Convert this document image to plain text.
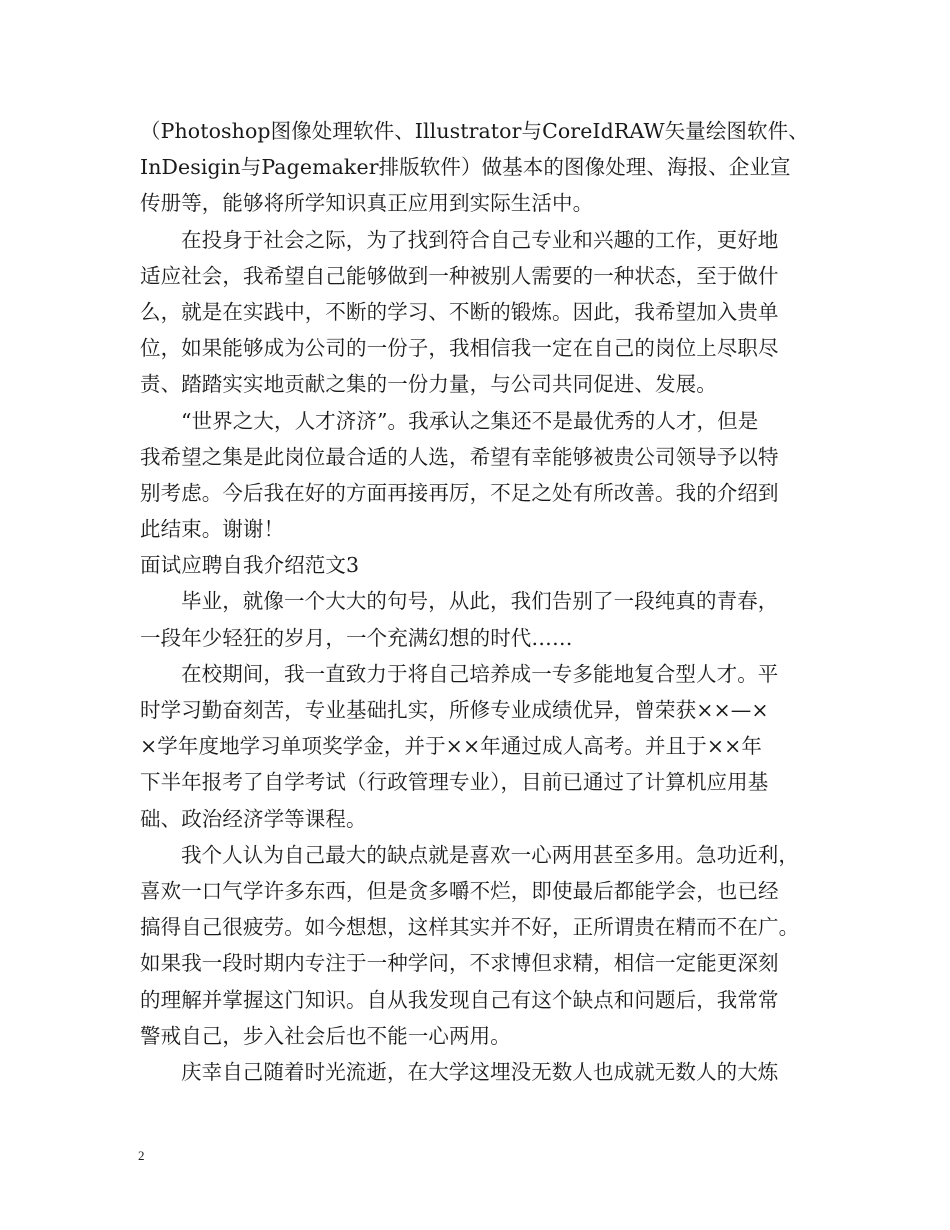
（Photoshop图像处理软件、Illustrator与CoreIdRAW矢量绘图软件、
InDesigin与Pagemaker排版软件）做基本的图像处理、海报、企业宣
传册等，能够将所学知识真正应用到实际生活中。
在投身于社会之际，为了找到符合自己专业和兴趣的工作，更好地
适应社会，我希望自己能够做到一种被别人需要的一种状态，至于做什
么，就是在实践中，不断的学习、不断的锻炼。因此，我希望加入贵单
位，如果能够成为公司的一份子，我相信我一定在自己的岗位上尽职尽
责、踏踏实实地贡献之集的一份力量，与公司共同促进、发展。
“世界之大，人才济济”。我承认之集还不是最优秀的人才，但是
我希望之集是此岗位最合适的人选，希望有幸能够被贵公司领导予以特
别考虑。今后我在好的方面再接再厉，不足之处有所改善。我的介绍到
此结束。谢谢！
面试应聘自我介绍范文3
毕业，就像一个大大的句号，从此，我们告别了一段纯真的青春，
一段年少轻狂的岁月，一个充满幻想的时代……
在校期间，我一直致力于将自己培养成一专多能地复合型人才。平
时学习勤奋刻苦，专业基础扎实，所修专业成绩优异，曾荣获××—×
×学年度地学习单项奖学金，并于××年通过成人高考。并且于××年
下半年报考了自学考试（行政管理专业），目前已通过了计算机应用基
础、政治经济学等课程。
我个人认为自己最大的缺点就是喜欢一心两用甚至多用。急功近利，
喜欢一口气学许多东西，但是贪多嚼不烂，即使最后都能学会，也已经
搞得自己很疲劳。如今想想，这样其实并不好，正所谓贵在精而不在广。
如果我一段时期内专注于一种学问，不求博但求精，相信一定能更深刻
的理解并掌握这门知识。自从我发现自己有这个缺点和问题后，我常常
警戒自己，步入社会后也不能一心两用。
庆幸自己随着时光流逝，在大学这埋没无数人也成就无数人的大炼
2
